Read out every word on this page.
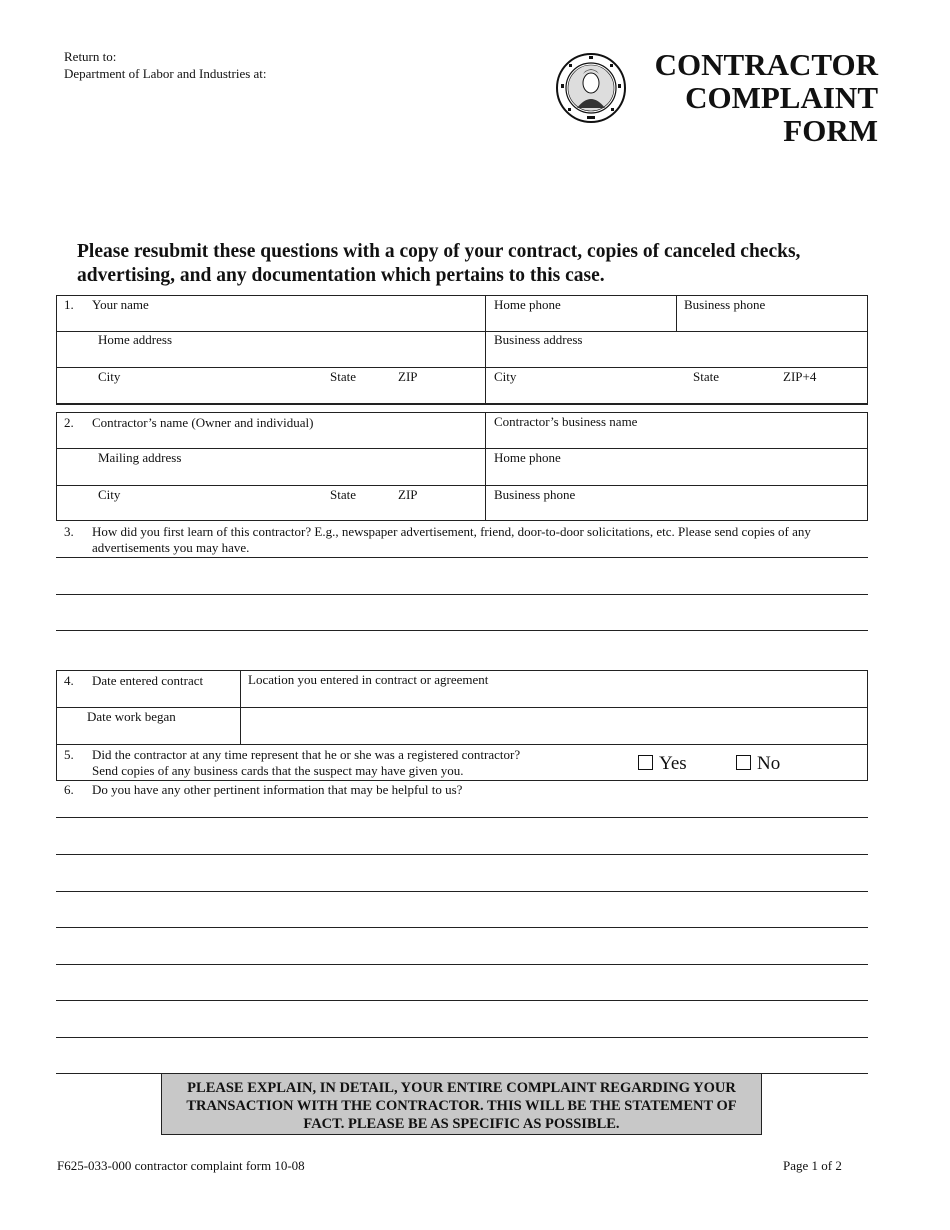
Return to:
Department of Labor and Industries at:	CONTRACTOR
COMPLAINT
FORM
Please resubmit these questions with a copy of your contract, copies of canceled checks, advertising, and any documentation which pertains to this case.
1. Your name	Home phone	Business phone
Home address	Business address
City	State	ZIP	City	State	ZIP+4
2. Contractor’s name (Owner and individual)	Contractor’s business name
Mailing address	Home phone
City	State	ZIP	Business phone
3. How did you first learn of this contractor? E.g., newspaper advertisement, friend, door-to-door solicitations, etc. Please send copies of any advertisements you may have.
4. Date entered contract	Location you entered in contract or agreement
Date work began
5. Did the contractor at any time represent that he or she was a registered contractor?
Send copies of any business cards that the suspect may have given you.	Yes	No
6. Do you have any other pertinent information that may be helpful to us?
PLEASE EXPLAIN, IN DETAIL, YOUR ENTIRE COMPLAINT REGARDING YOUR TRANSACTION WITH THE CONTRACTOR. THIS WILL BE THE STATEMENT OF FACT. PLEASE BE AS SPECIFIC AS POSSIBLE.
F625-033-000 contractor complaint form 10-08	Page 1 of 2
